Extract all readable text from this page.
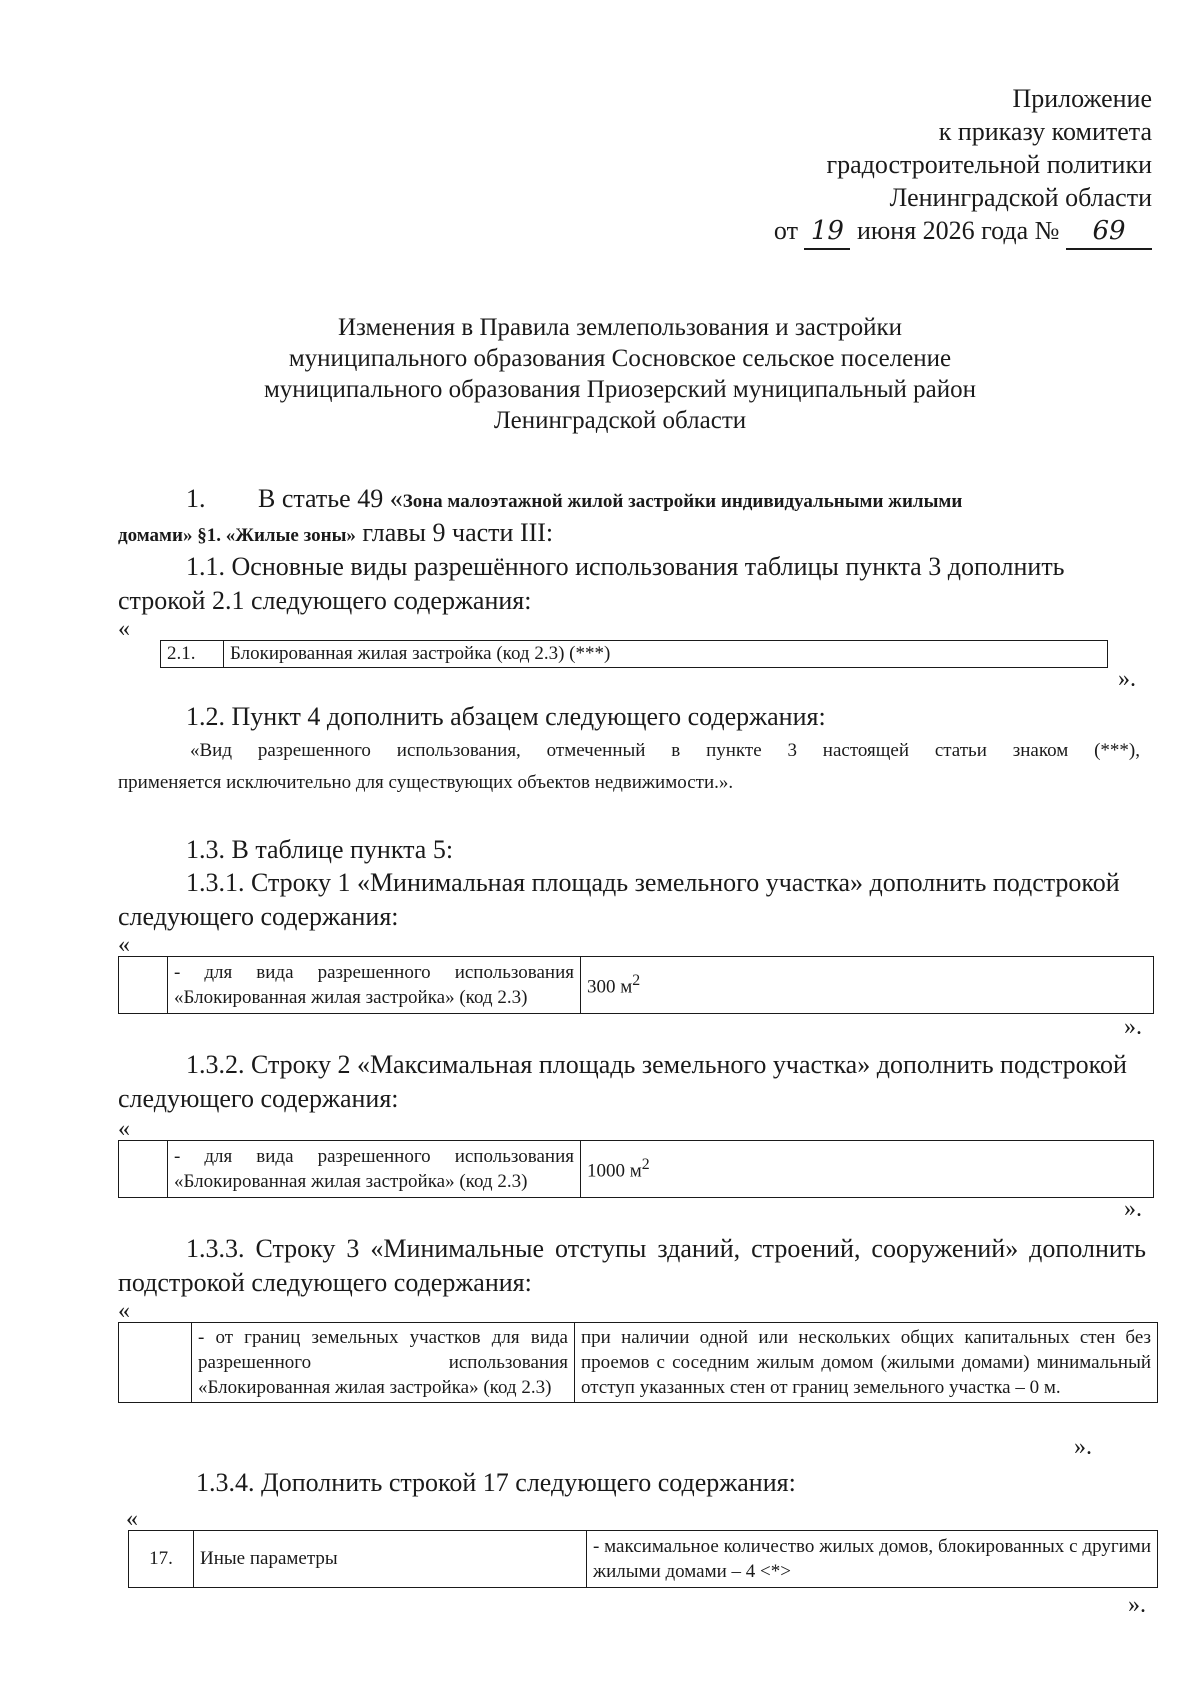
Приложение
к приказу комитета
градостроительной политики
Ленинградской области
от 19 июня 2026 года № 69
Изменения в Правила землепользования и застройки
муниципального образования Сосновское сельское поселение
муниципального образования Приозерский муниципальный район
Ленинградской области
1. В статье 49 «Зона малоэтажной жилой застройки индивидуальными жилыми
домами» §1. «Жилые зоны» главы 9 части III:
1.1. Основные виды разрешённого использования таблицы пункта 3 дополнить
строкой 2.1 следующего содержания:
«
2.1.	Блокированная жилая застройка (код 2.3) (***)
».
1.2. Пункт 4 дополнить абзацем следующего содержания:
«Вид разрешенного использования, отмеченный в пункте 3 настоящей статьи знаком (***),
применяется исключительно для существующих объектов недвижимости.».
1.3. В таблице пункта 5:
1.3.1. Строку 1 «Минимальная площадь земельного участка» дополнить подстрокой
следующего содержания:
«
	- для вида разрешенного использования «Блокированная жилая застройка» (код 2.3)	300 $м^2$
».
1.3.2. Строку 2 «Максимальная площадь земельного участка» дополнить подстрокой
следующего содержания:
«
	- для вида разрешенного использования «Блокированная жилая застройка» (код 2.3)	1000 $м^2$
».
1.3.3. Строку 3 «Минимальные отступы зданий, строений, сооружений» дополнить
подстрокой следующего содержания:
«
	- от границ земельных участков для вида разрешенного использования «Блокированная жилая застройка» (код 2.3)	при наличии одной или нескольких общих капитальных стен без проемов с соседним жилым домом (жилыми домами) минимальный отступ указанных стен от границ земельного участка – 0 м.
».
1.3.4. Дополнить строкой 17 следующего содержания:
«
17.	Иные параметры	- максимальное количество жилых домов, блокированных с другими жилыми домами – 4 <*>
».
